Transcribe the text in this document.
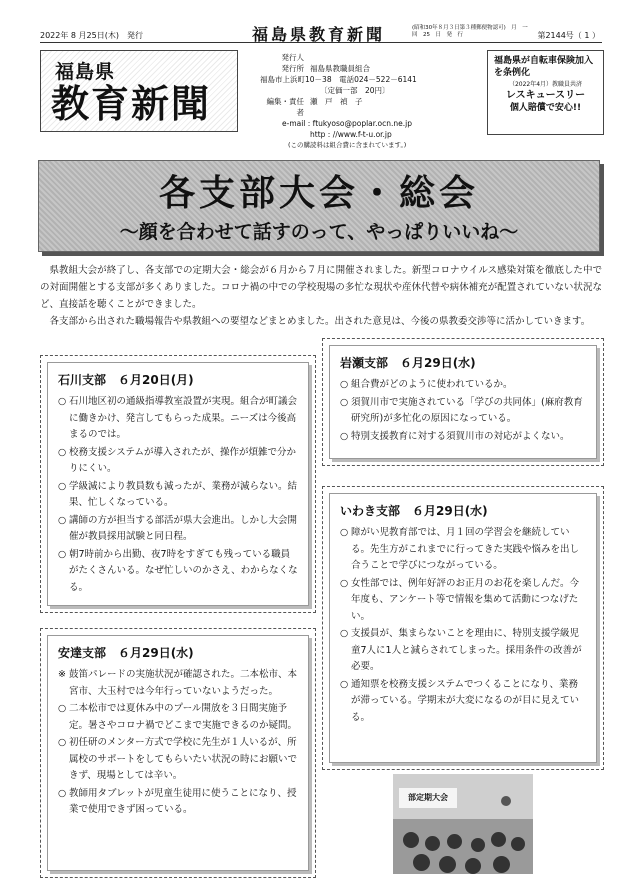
2022年 8 月25日(木)　発行	福島県教育新聞	(昭和30年８月３日第３種郵便物認可)　月　一　回　25　日　発　行	第2144号（ 1 ）
福島県
教育新聞
発行人
発行所 福島県教職員組合
福島市上浜町10－38　電話024－522－6141
〔定価一部　20円〕
編集・責任者
瀬　戸　禎　子
e-mail : ftukyoso@poplar.ocn.ne.jp
http : //www.f-t-u.or.jp
(この購読料は組合費に含まれています。)
福島県が自転車保険加入を条例化
（2022年4月）教職員共済
レスキュースリー
個人賠償で安心!!
各支部大会・総会
～顔を合わせて話すのって、やっぱりいいね～

県教組大会が終了し、各支部での定期大会・総会が６月から７月に開催されました。新型コロナウイルス感染対策を徹底した中での対面開催とする支部が多くありました。コロナ禍の中での学校現場の多忙な現状や産休代替や病休補充が配置されていない状況など、直接話を聴くことができました。

各支部から出された職場報告や県教組への要望などまとめました。出された意見は、今後の県教委交渉等に活かしていきます。

石川支部　６月20日(月)
○ 石川地区初の通級指導教室設置が実現。組合が町議会に働きかけ、発言してもらった成果。ニーズは今後高まるのでは。
○ 校務支援システムが導入されたが、操作が煩雑で分かりにくい。
○ 学級減により教員数も減ったが、業務が減らない。結果、忙しくなっている。
○ 講師の方が担当する部活が県大会進出。しかし大会開催が教員採用試験と同日程。
○ 朝7時前から出勤、夜7時をすぎても残っている職員がたくさんいる。なぜ忙しいのかさえ、わからなくなる。
岩瀬支部　６月29日(水)
○ 組合費がどのように使われているか。
○ 須賀川市で実施されている「学びの共同体」(麻府教育研究所)が多忙化の原因になっている。
○ 特別支援教育に対する須賀川市の対応がよくない。
いわき支部　６月29日(水)
○ 障がい児教育部では、月１回の学習会を継続している。先生方がこれまでに行ってきた実践や悩みを出し合うことで学びにつながっている。
○ 女性部では、例年好評のお正月のお花を楽しんだ。今年度も、アンケート等で情報を集めて活動につなげたい。
○ 支援員が、集まらないことを理由に、特別支援学級児童7人に1人と減らされてしまった。採用条件の改善が必要。
○ 通知票を校務支援システムでつくることになり、業務が滞っている。学期末が大変になるのが目に見えている。
安達支部　６月29日(水)
※ 鼓笛パレードの実施状況が確認された。二本松市、本宮市、大玉村では今年行っていないようだった。
○ 二本松市では夏休み中のプール開放を３日間実施予定。暑さやコロナ禍でどこまで実施できるのか疑問。
○ 初任研のメンター方式で学校に先生が１人いるが、所属校のサポートをしてもらいたい状況の時にお願いできず、現場としては辛い。
○ 教師用タブレットが児童生徒用に使うことになり、授業で使用できず困っている。
部定期大会
